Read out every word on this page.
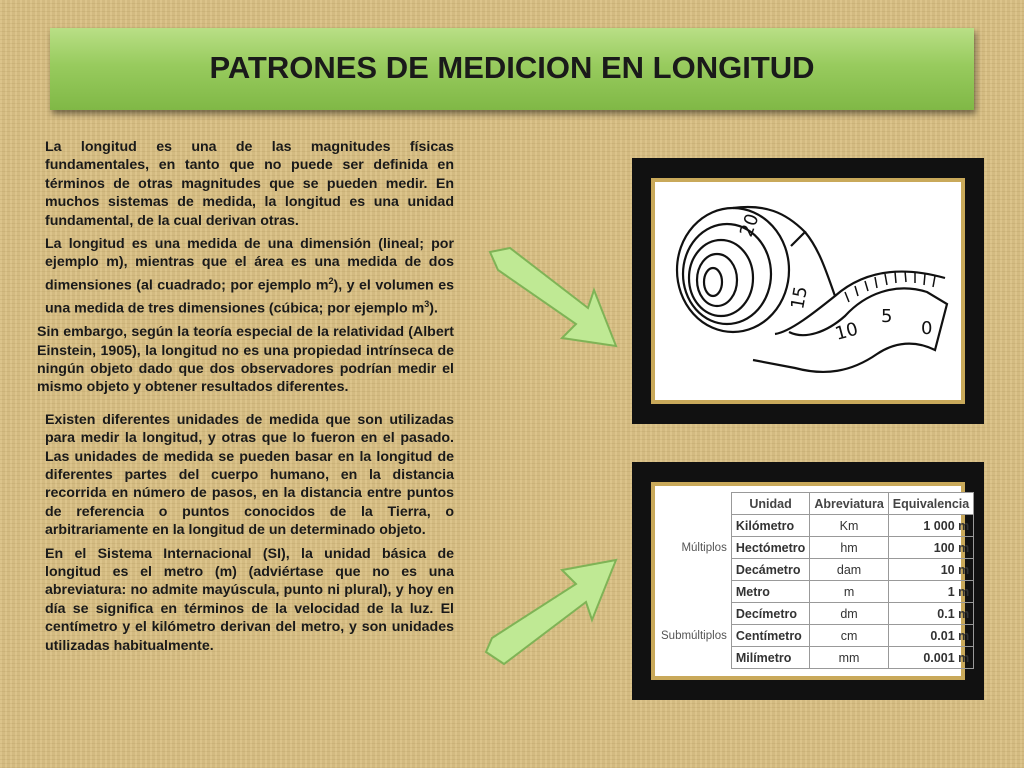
PATRONES DE MEDICION EN LONGITUD

La longitud es una de las magnitudes físicas fundamentales, en tanto que no puede ser definida en términos de otras magnitudes que se pueden medir. En muchos sistemas de medida, la longitud es una unidad fundamental, de la cual derivan otras.

La longitud es una medida de una dimensión (lineal; por ejemplo m), mientras que el área es una medida de dos dimensiones (al cuadrado; por ejemplo $m^2$), y el volumen es una medida de tres dimensiones (cúbica; por ejemplo $m^3$).

Sin embargo, según la teoría especial de la relatividad (Albert Einstein, 1905), la longitud no es una propiedad intrínseca de ningún objeto dado que dos observadores podrían medir el mismo objeto y obtener resultados diferentes.

Existen diferentes unidades de medida que son utilizadas para medir la longitud, y otras que lo fueron en el pasado. Las unidades de medida se pueden basar en la longitud de diferentes partes del cuerpo humano, en la distancia recorrida en número de pasos, en la distancia entre puntos de referencia o puntos conocidos de la Tierra, o arbitrariamente en la longitud de un determinado objeto.

En el Sistema Internacional (SI), la unidad básica de longitud es el metro (m) (adviértase que no es una abreviatura: no admite mayúscula, punto ni plural), y hoy en día se significa en términos de la velocidad de la luz. El centímetro y el kilómetro derivan del metro, y son unidades utilizadas habitualmente.

20
15
10
5
0
	Unidad	Abreviatura	Equivalencia
	Kilómetro	Km	1 000 m
Múltiplos	Hectómetro	hm	100 m
	Decámetro	dam	10 m
	Metro	m	1 m
	Decímetro	dm	0.1 m
Submúltiplos	Centímetro	cm	0.01 m
	Milímetro	mm	0.001 m
